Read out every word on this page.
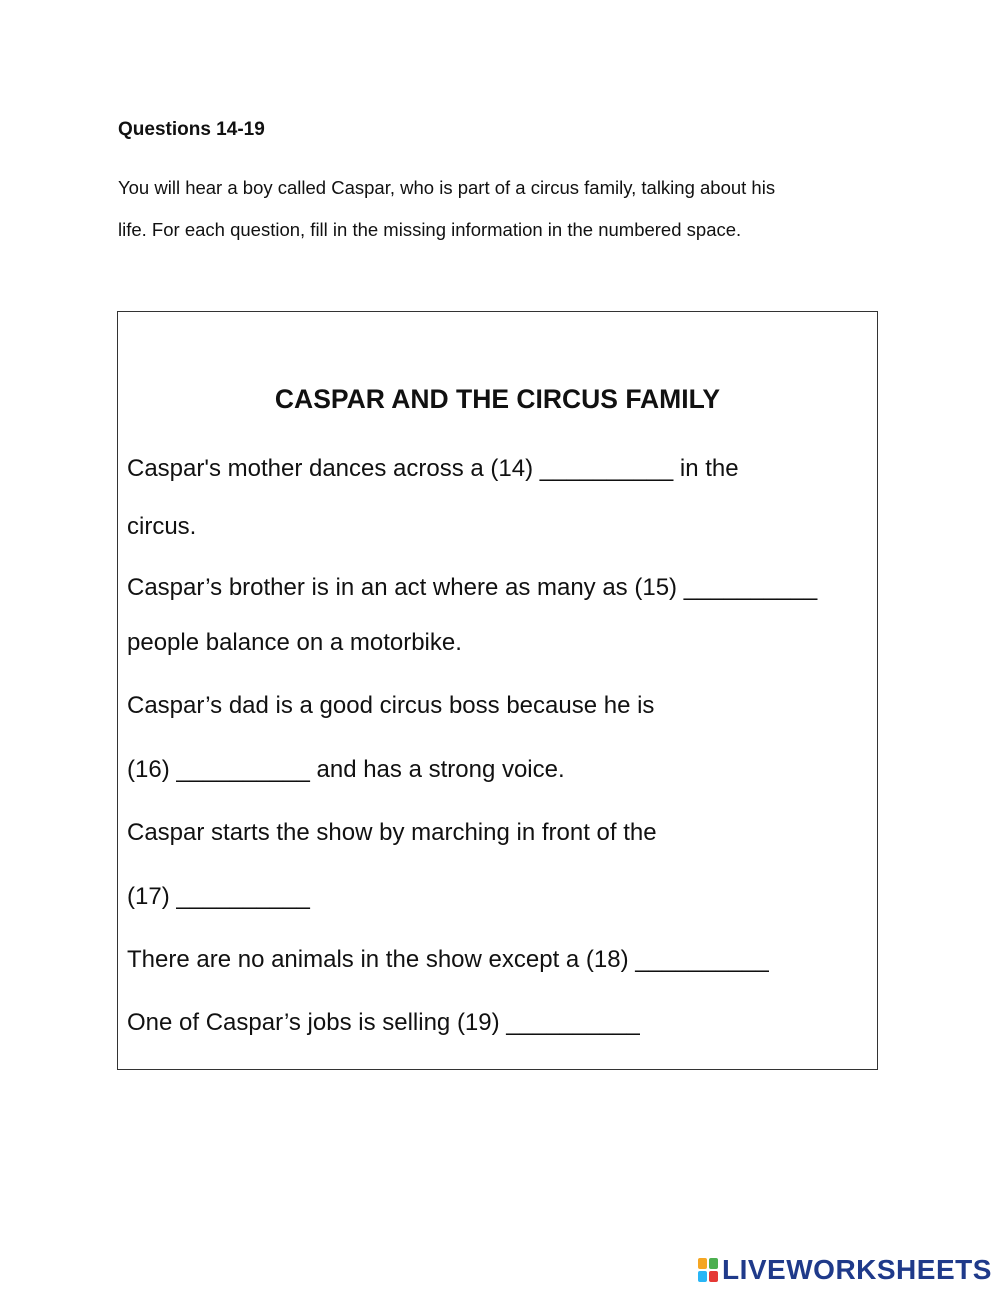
Questions 14-19

You will hear a boy called Caspar, who is part of a circus family, talking about his
life. For each question, fill in the missing information in the numbered space.

CASPAR AND THE CIRCUS FAMILY

Caspar's mother dances across a (14) __________ in the

circus.

Caspar’s brother is in an act where as many as (15) __________

people balance on a motorbike.

Caspar’s dad is a good circus boss because he is

(16) __________ and has a strong voice.

Caspar starts the show by marching in front of the

(17) __________

There are no animals in the show except a (18) __________

One of Caspar’s jobs is selling (19) __________

LIVEWORKSHEETS
